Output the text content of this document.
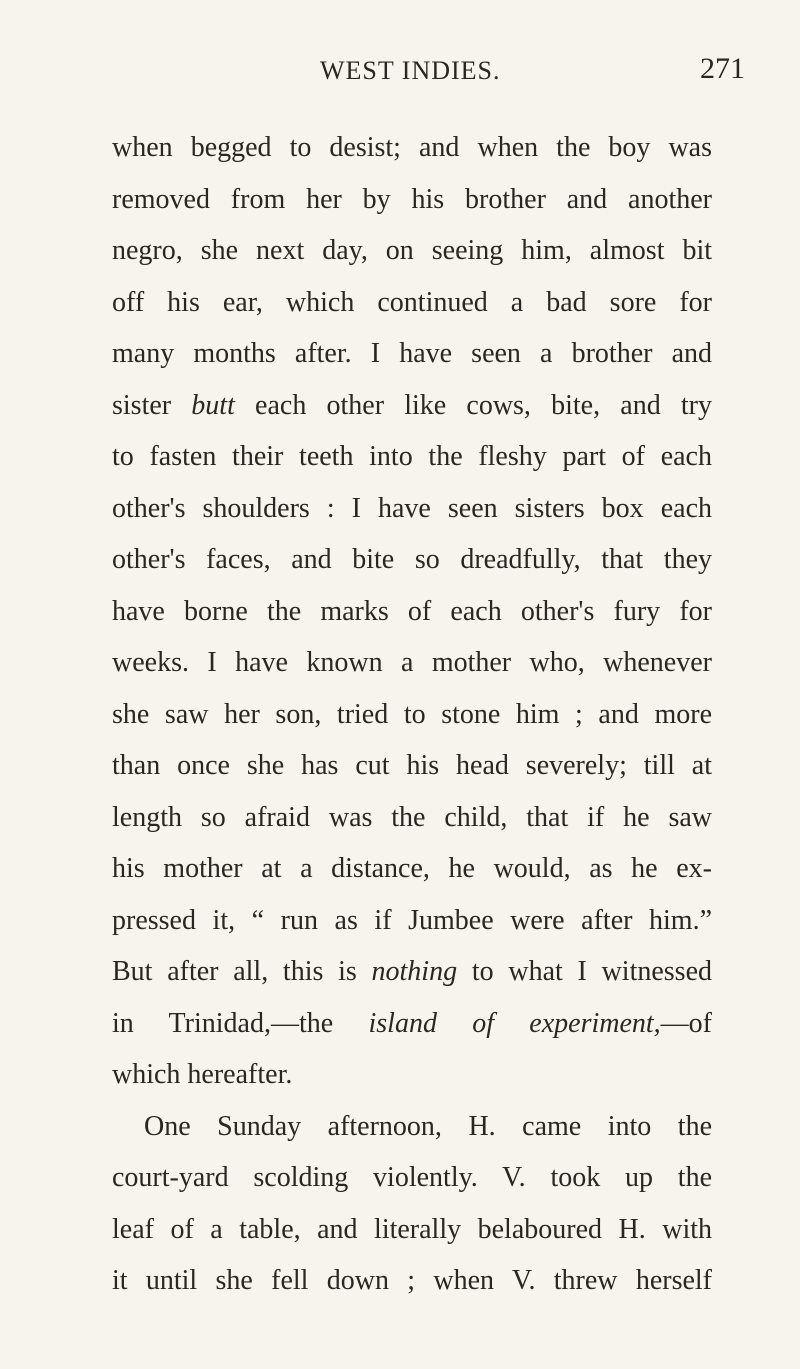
WEST INDIES.	271
when begged to desist; and when the boy was
removed from her by his brother and another
negro, she next day, on seeing him, almost bit
off his ear, which continued a bad sore for
many months after. I have seen a brother and
sister butt each other like cows, bite, and try
to fasten their teeth into the fleshy part of each
other's shoulders : I have seen sisters box each
other's faces, and bite so dreadfully, that they
have borne the marks of each other's fury for
weeks. I have known a mother who, whenever
she saw her son, tried to stone him ; and more
than once she has cut his head severely; till at
length so afraid was the child, that if he saw
his mother at a distance, he would, as he ex-
pressed it, “ run as if Jumbee were after him.”
But after all, this is nothing to what I witnessed
in Trinidad,—the island of experiment,—of
which hereafter.
One Sunday afternoon, H. came into the
court-yard scolding violently. V. took up the
leaf of a table, and literally belaboured H. with
it until she fell down ; when V. threw herself
